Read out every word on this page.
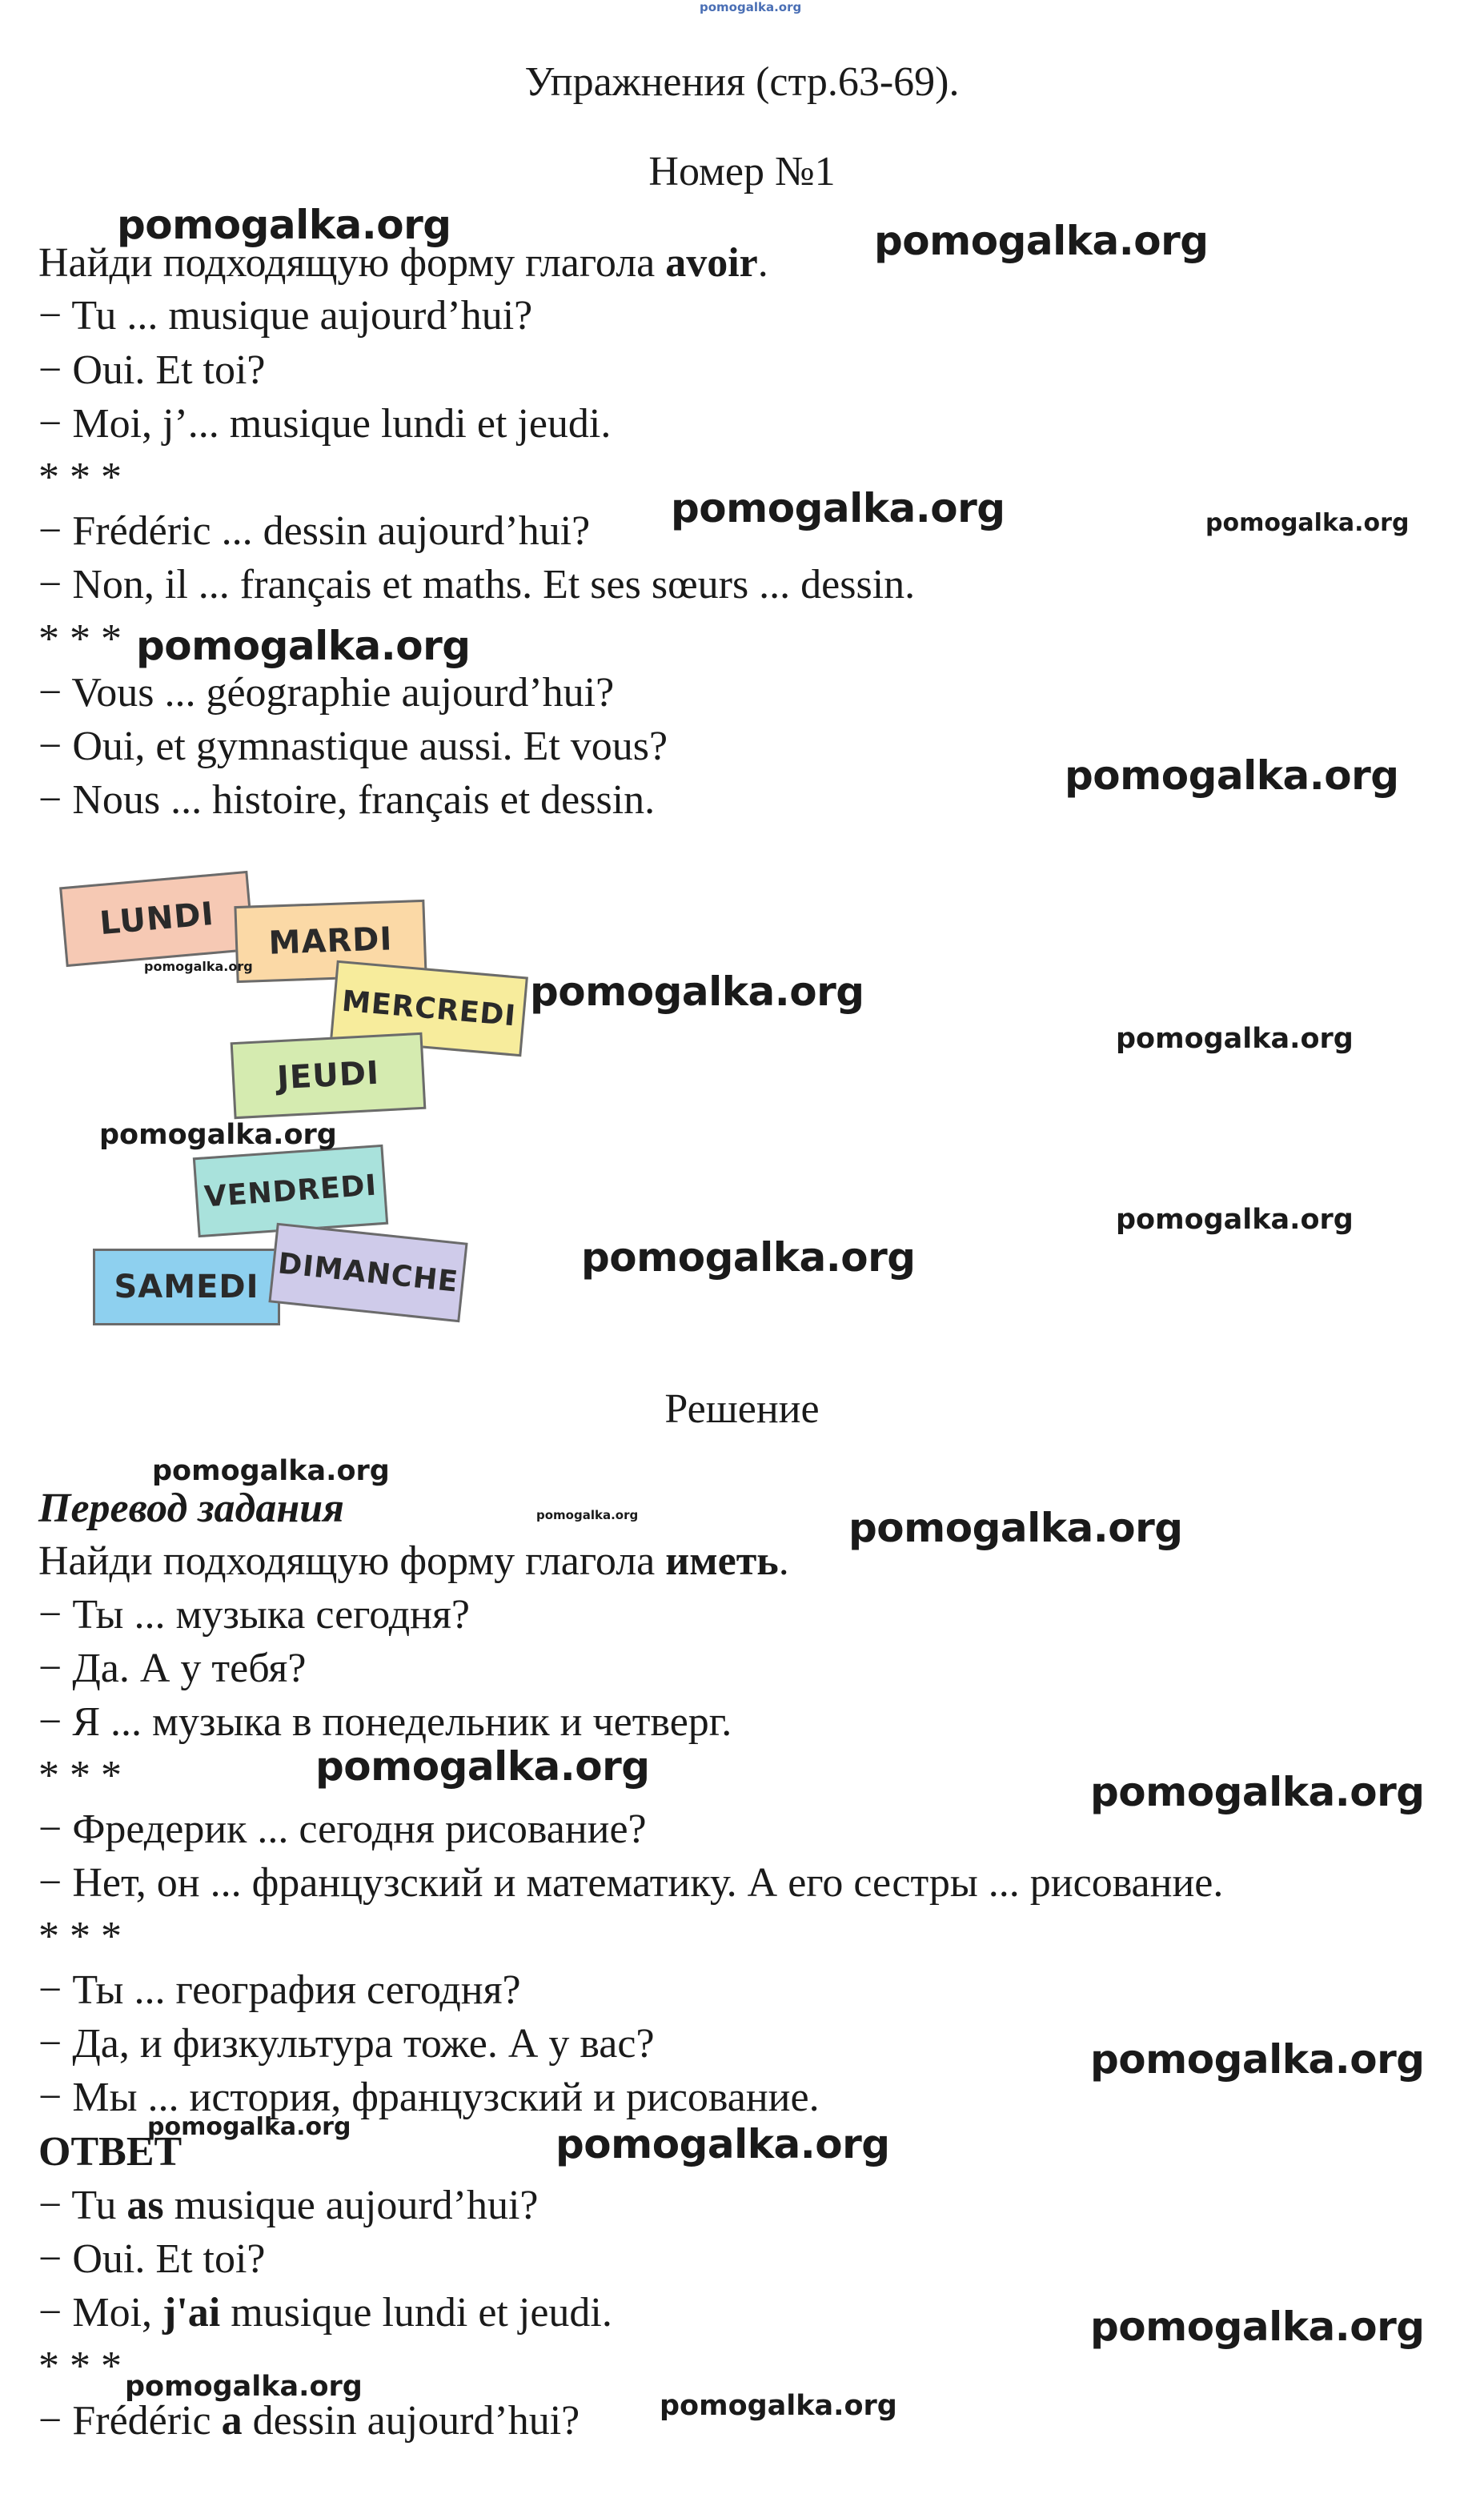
pomogalka.org
Упражнения (стр.63-69).
Номер №1
Найди подходящую форму глагола avoir.
− Tu ... musique aujourd’hui?
− Oui. Et toi?
− Moi, j’... musique lundi et jeudi.
* * *
− Frédéric ... dessin aujourd’hui?
− Non, il ... français et maths. Et ses sœurs ... dessin.
* * *
− Vous ... géographie aujourd’hui?
− Oui, et gymnastique aussi. Et vous?
− Nous ... histoire, français et dessin.
LUNDI MARDI
MERCREDI
JEUDI
VENDREDI
SAMEDI DIMANCHE
Решение
Перевод задания
Найди подходящую форму глагола иметь.
− Ты ... музыка сегодня?
− Да. А у тебя?
− Я ... музыка в понедельник и четверг.
* * *
− Фредерик ... сегодня рисование?
− Нет, он ... французский и математику. А его сестры ... рисование.
* * *
− Ты ... география сегодня?
− Да, и физкультура тоже. А у вас?
− Мы ... история, французский и рисование.
ОТВЕТ
− Tu as musique aujourd’hui?
− Oui. Et toi?
− Moi, j'ai musique lundi et jeudi.
* * *
− Frédéric a dessin aujourd’hui?
pomogalka.org	pomogalka.org
pomogalka.org	pomogalka.org
pomogalka.org
pomogalka.org
pomogalka.org
pomogalka.org
pomogalka.org
pomogalka.org
pomogalka.org
pomogalka.org
pomogalka.org
pomogalka.org	pomogalka.org
pomogalka.org
pomogalka.org
pomogalka.org
pomogalka.org	pomogalka.org
pomogalka.org
pomogalka.org
pomogalka.org
